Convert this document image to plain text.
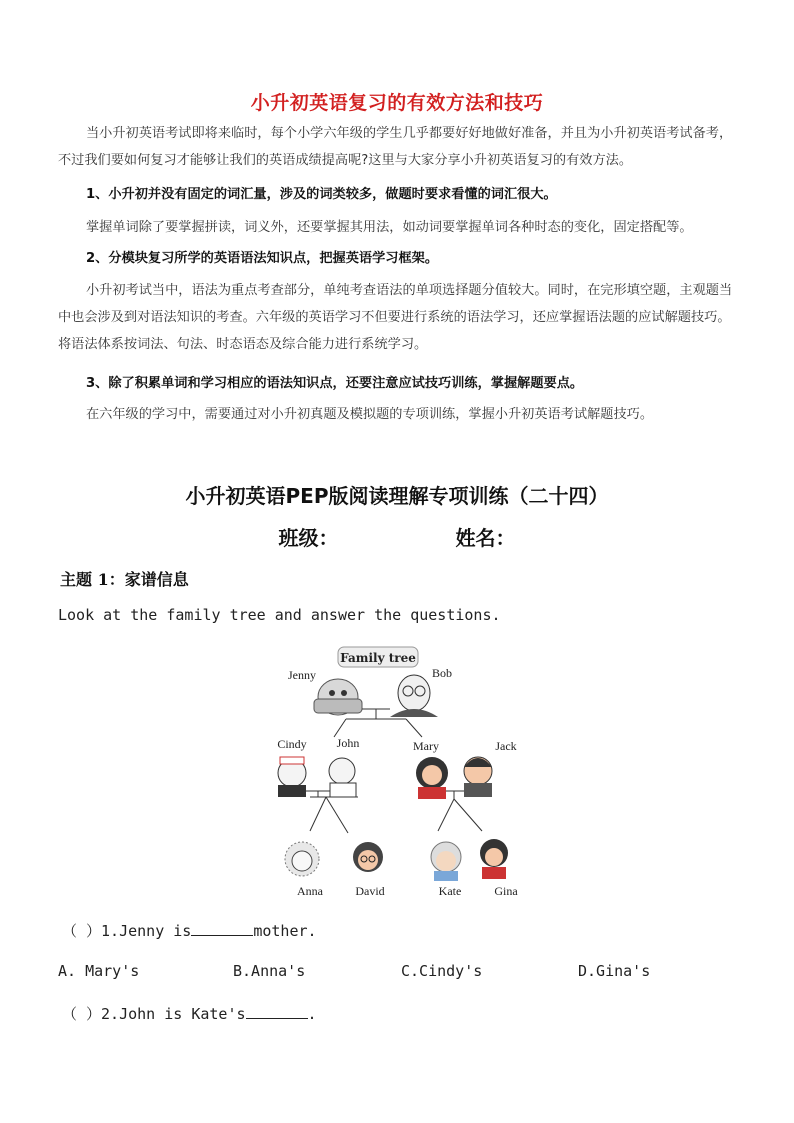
小升初英语复习的有效方法和技巧
当小升初英语考试即将来临时，每个小学六年级的学生几乎都要好好地做好准备，并且为小升初英语考试备考，不过我们要如何复习才能够让我们的英语成绩提高呢?这里与大家分享小升初英语复习的有效方法。
1、小升初并没有固定的词汇量，涉及的词类较多，做题时要求看懂的词汇很大。
掌握单词除了要掌握拼读，词义外，还要掌握其用法，如动词要掌握单词各种时态的变化，固定搭配等。
2、分模块复习所学的英语语法知识点，把握英语学习框架。
小升初考试当中，语法为重点考查部分，单纯考查语法的单项选择题分值较大。同时，在完形填空题，主观题当中也会涉及到对语法知识的考查。六年级的英语学习不但要进行系统的语法学习，还应掌握语法题的应试解题技巧。将语法体系按词法、句法、时态语态及综合能力进行系统学习。
3、除了积累单词和学习相应的语法知识点，还要注意应试技巧训练，掌握解题要点。
在六年级的学习中，需要通过对小升初真题及模拟题的专项训练，掌握小升初英语考试解题技巧。
小升初英语PEP版阅读理解专项训练（二十四）
班级：	姓名：
主题 1：家谱信息
Look at the family tree and answer the questions.
Family tree
Jenny	Bob
Cindy John	Mary	Jack
Anna	David	Kate	Gina
（ ）1.Jenny is	mother.
A. Mary's	B.Anna's	C.Cindy's	D.Gina's
（ ）2.John is Kate's	.
